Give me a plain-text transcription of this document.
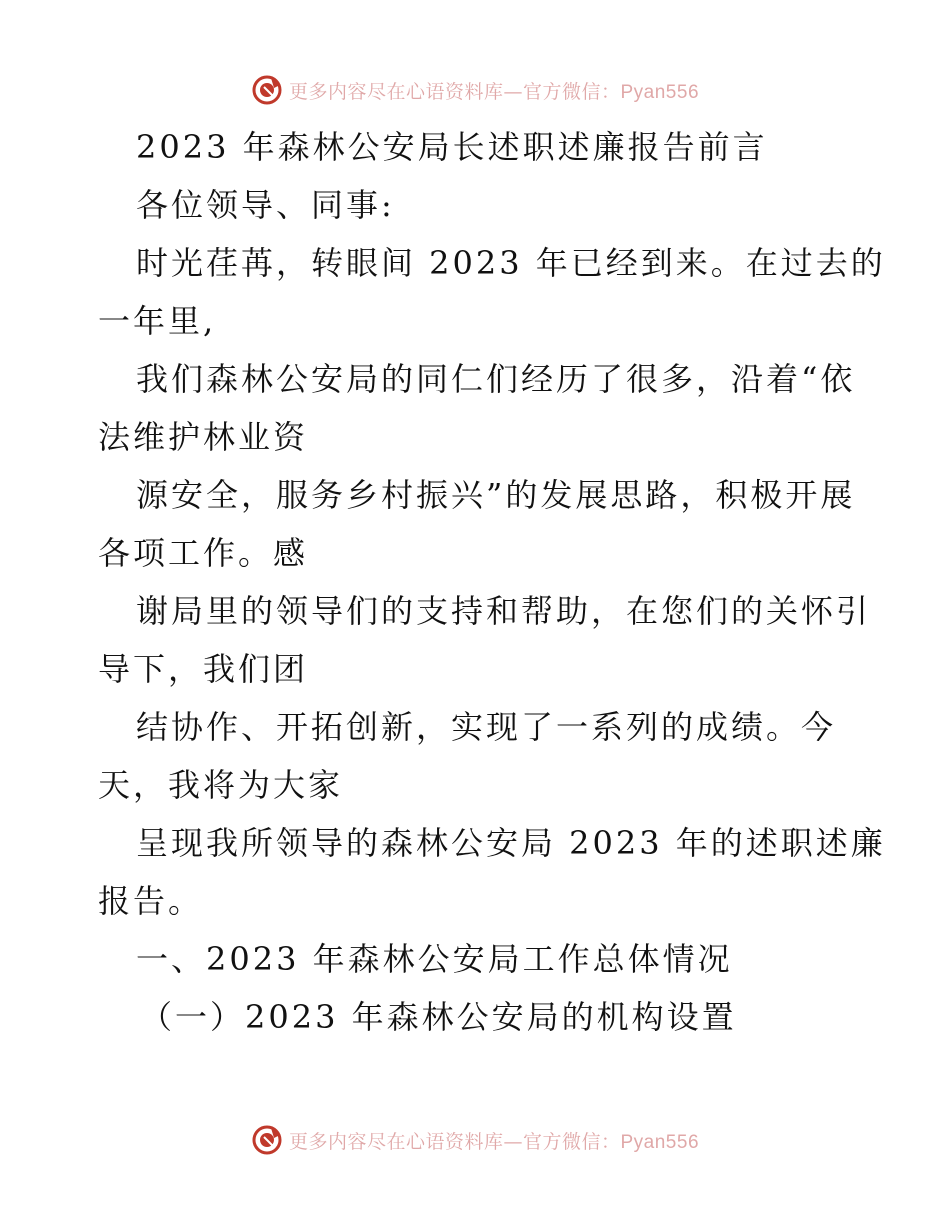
更多内容尽在心语资料库—官方微信：Pyan556
2023 年森林公安局长述职述廉报告前言
各位领导、同事:
时光荏苒，转眼间 2023 年已经到来。在过去的
一年里,
我们森林公安局的同仁们经历了很多，沿着“依
法维护林业资
源安全，服务乡村振兴”的发展思路，积极开展
各项工作。感
谢局里的领导们的支持和帮助，在您们的关怀引
导下，我们团
结协作、开拓创新，实现了一系列的成绩。今
天，我将为大家
呈现我所领导的森林公安局 2023 年的述职述廉
报告。
一、2023 年森林公安局工作总体情况
（一）2023 年森林公安局的机构设置
更多内容尽在心语资料库—官方微信：Pyan556
